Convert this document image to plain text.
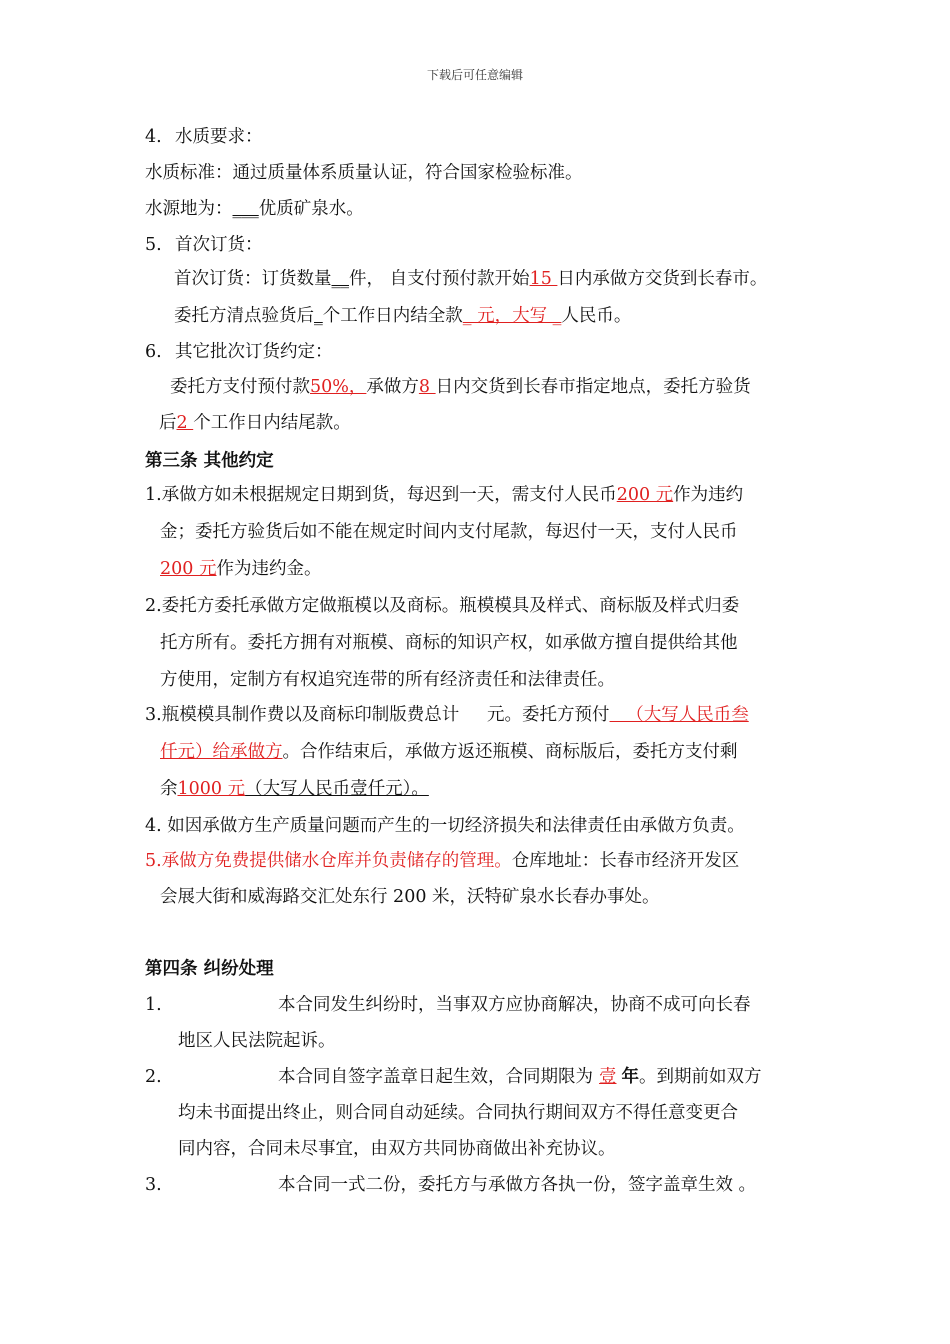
下载后可任意编辑
4. 水质要求：
水质标准：通过质量体系质量认证，符合国家检验标准。
水源地为：___优质矿泉水。
5. 首次订货：
首次订货：订货数量__件， 自支付预付款开始15 日内承做方交货到长春市。
委托方清点验货后_个工作日内结全款_ 元，大写 _人民币。
6. 其它批次订货约定：
委托方支付预付款50%，承做方8 日内交货到长春市指定地点，委托方验货
后2 个工作日内结尾款。
第三条 其他约定
1.承做方如未根据规定日期到货，每迟到一天，需支付人民币200 元作为违约
金；委托方验货后如不能在规定时间内支付尾款，每迟付一天，支付人民币
200 元作为违约金。
2.委托方委托承做方定做瓶模以及商标。瓶模模具及样式、商标版及样式归委
托方所有。委托方拥有对瓶模、商标的知识产权，如承做方擅自提供给其他
方使用，定制方有权追究连带的所有经济责任和法律责任。
3.瓶模模具制作费以及商标印制版费总计     元。委托方预付   （大写人民币叁
仟元）给承做方。合作结束后，承做方返还瓶模、商标版后，委托方支付剩
余1000 元（大写人民币壹仟元）。
4. 如因承做方生产质量问题而产生的一切经济损失和法律责任由承做方负责。
5.承做方免费提供储水仓库并负责储存的管理。仓库地址：长春市经济开发区
会展大街和威海路交汇处东行 200 米，沃特矿泉水长春办事处。
第四条 纠纷处理
1.	本合同发生纠纷时，当事双方应协商解决，协商不成可向长春
地区人民法院起诉。
2.	本合同自签字盖章日起生效，合同期限为 壹 年。到期前如双方
均未书面提出终止，则合同自动延续。合同执行期间双方不得任意变更合
同内容，合同未尽事宜，由双方共同协商做出补充协议。
3.	本合同一式二份，委托方与承做方各执一份，签字盖章生效 。
